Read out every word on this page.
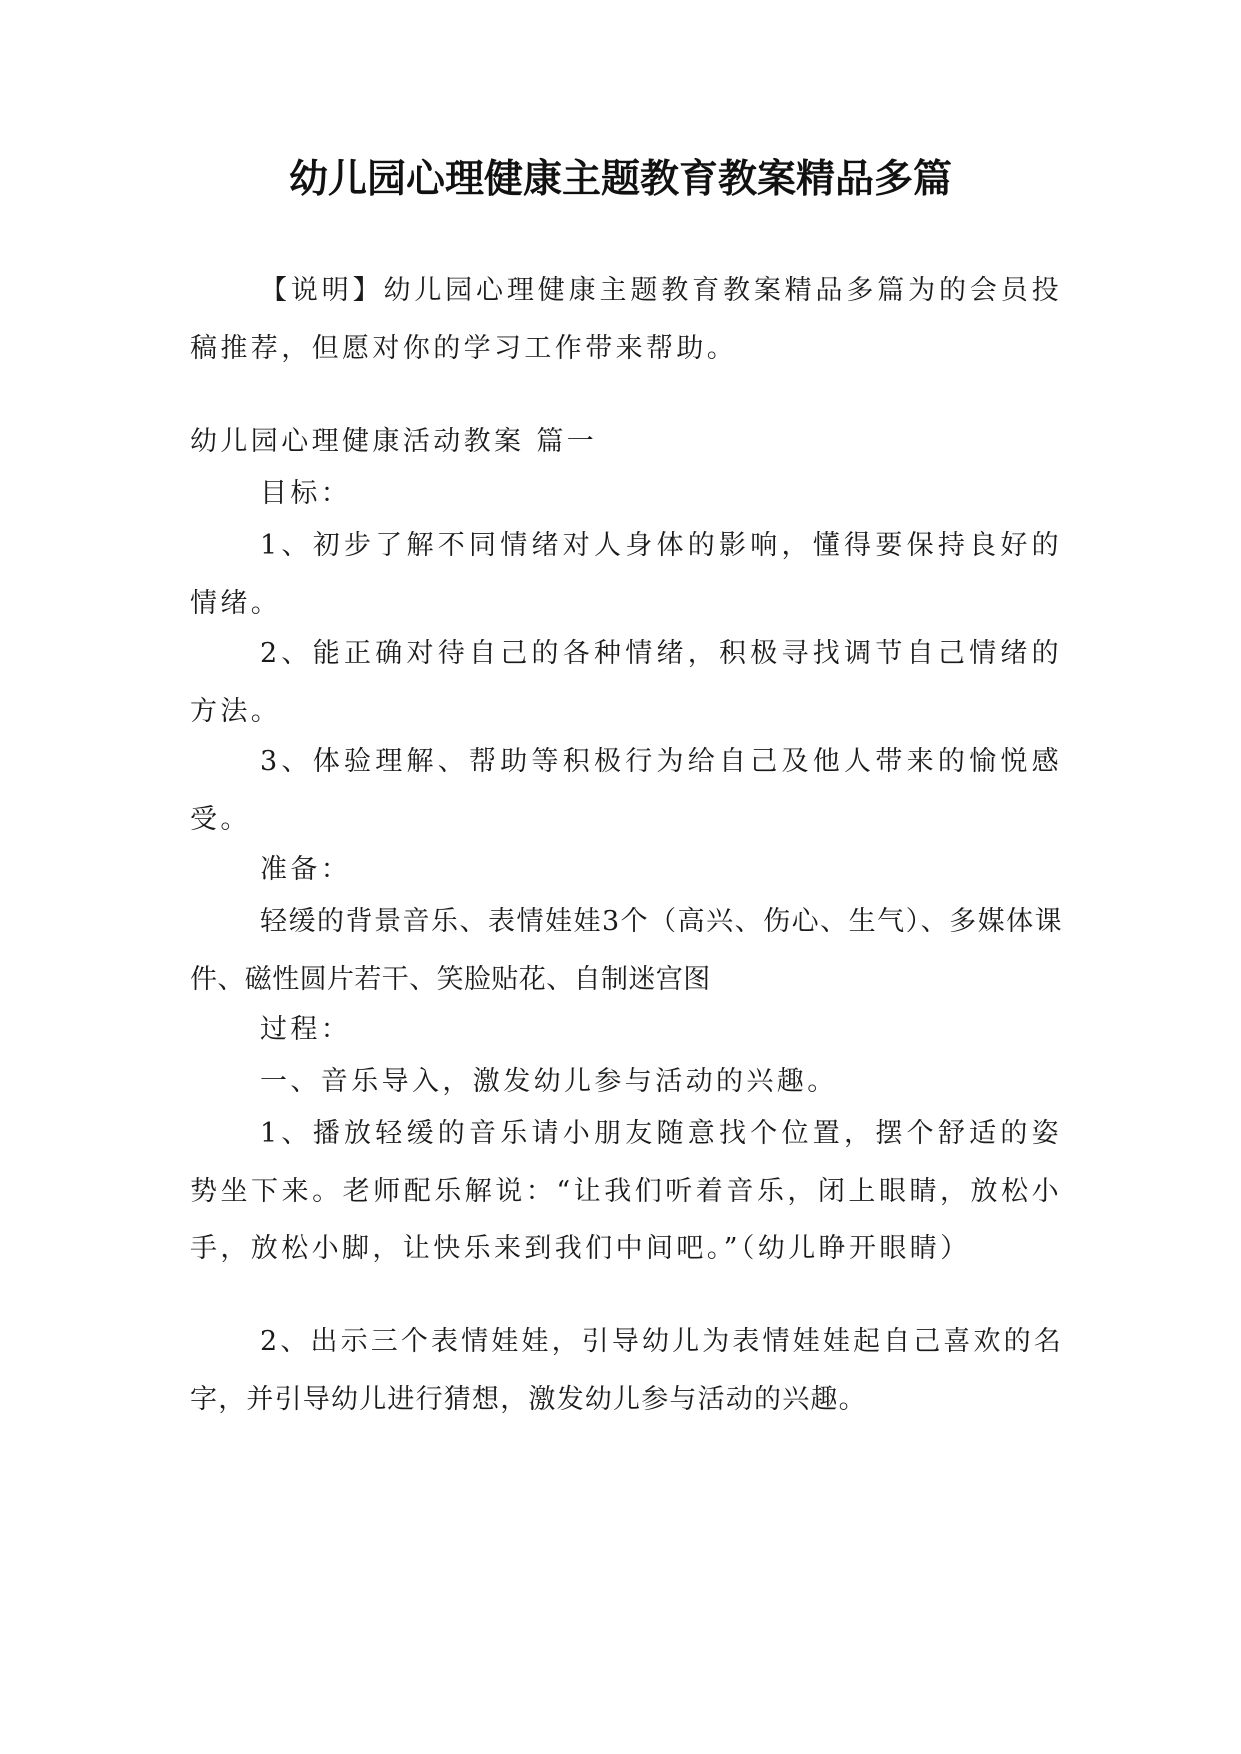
幼儿园心理健康主题教育教案精品多篇

【说明】幼儿园心理健康主题教育教案精品多篇为的会员投稿推荐，但愿对你的学习工作带来帮助。

幼儿园心理健康活动教案 篇一

目标：

1、初步了解不同情绪对人身体的影响，懂得要保持良好的情绪。

2、能正确对待自己的各种情绪，积极寻找调节自己情绪的方法。

3、体验理解、帮助等积极行为给自己及他人带来的愉悦感受。

准备：

轻缓的背景音乐、表情娃娃3个（高兴、伤心、生气）、多媒体课件、磁性圆片若干、笑脸贴花、自制迷宫图

过程：

一、音乐导入，激发幼儿参与活动的兴趣。

1、播放轻缓的音乐请小朋友随意找个位置，摆个舒适的姿势坐下来。老师配乐解说：“让我们听着音乐，闭上眼睛，放松小手，放松小脚，让快乐来到我们中间吧。”（幼儿睁开眼睛）

2、出示三个表情娃娃，引导幼儿为表情娃娃起自己喜欢的名字，并引导幼儿进行猜想，激发幼儿参与活动的兴趣。
